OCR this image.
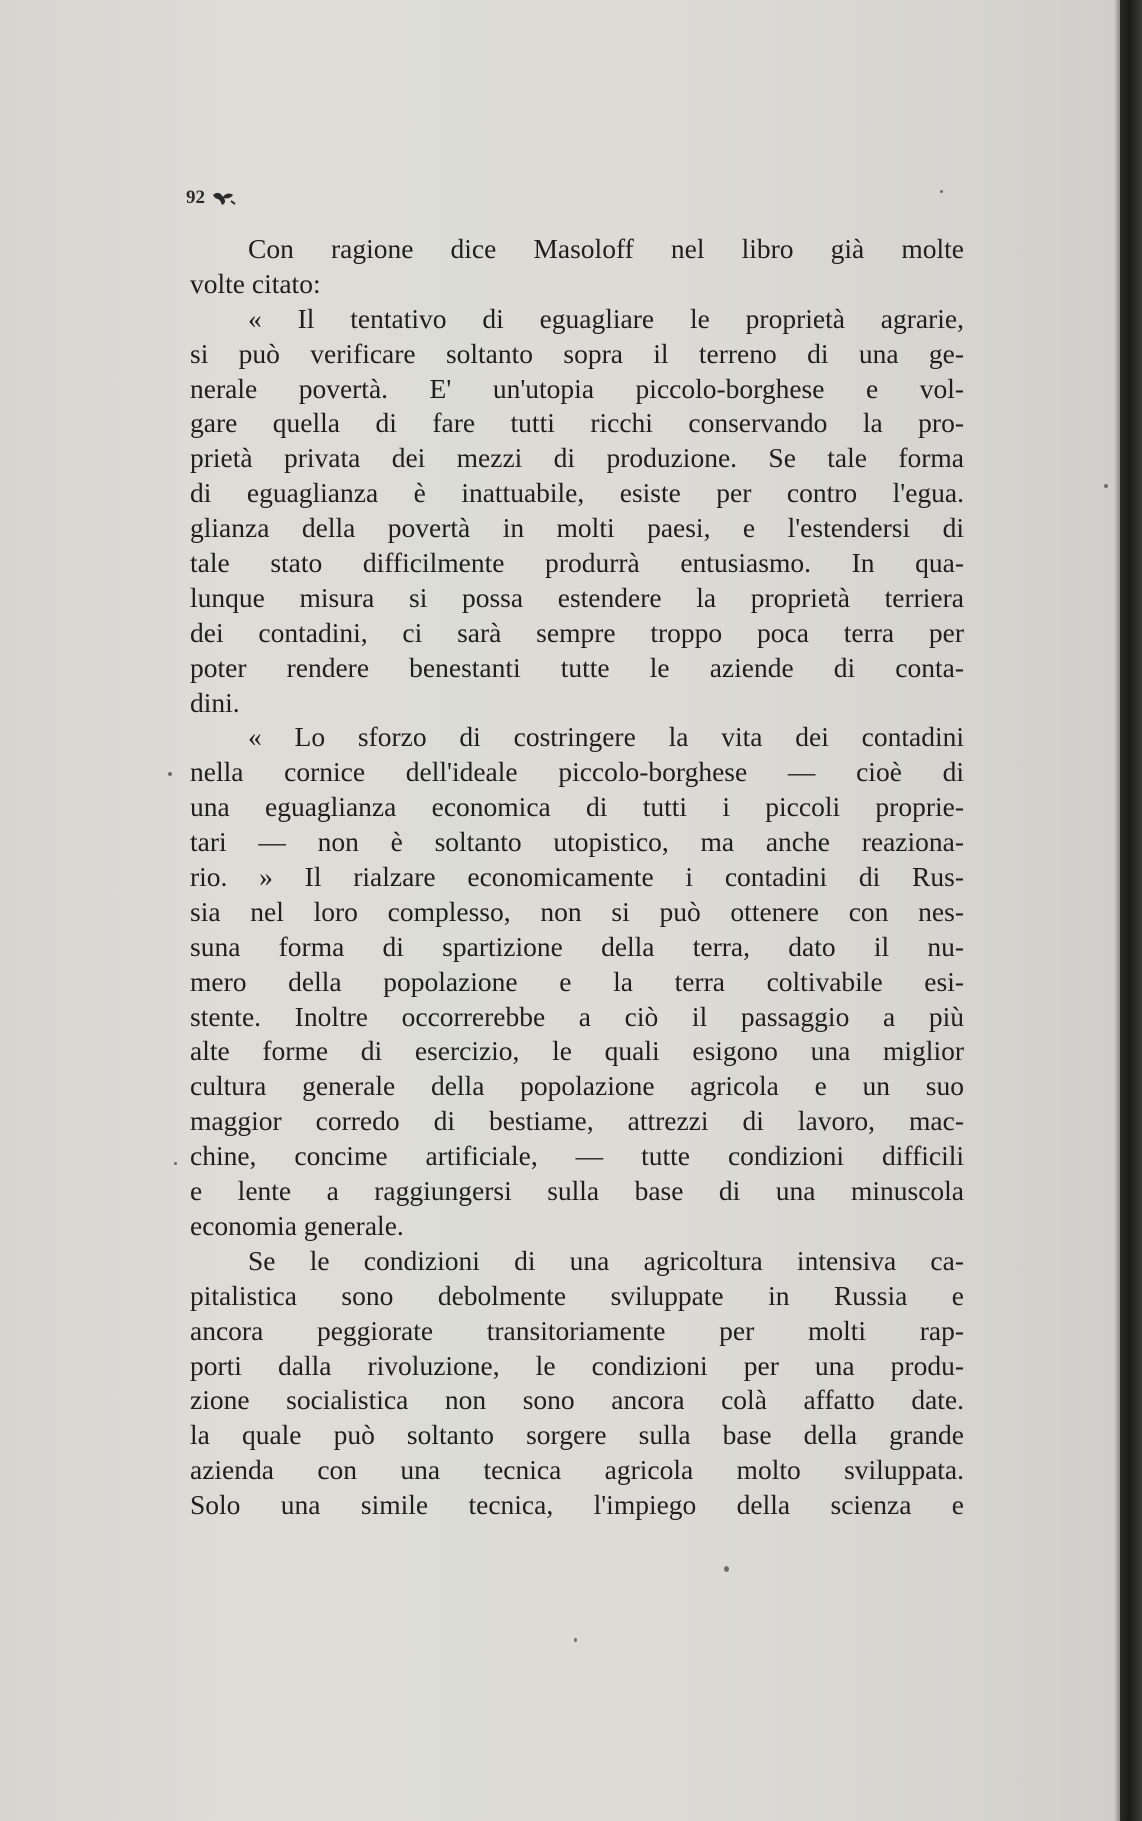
92
Con ragione dice Masoloff nel libro già molte
volte citato:
« Il tentativo di eguagliare le proprietà agrarie,
si può verificare soltanto sopra il terreno di una ge-
nerale povertà. E' un'utopia piccolo-borghese e vol-
gare quella di fare tutti ricchi conservando la pro-
prietà privata dei mezzi di produzione. Se tale forma
di eguaglianza è inattuabile, esiste per contro l'egua.
glianza della povertà in molti paesi, e l'estendersi di
tale stato difficilmente produrrà entusiasmo. In qua-
lunque misura si possa estendere la proprietà terriera
dei contadini, ci sarà sempre troppo poca terra per
poter rendere benestanti tutte le aziende di conta-
dini.
« Lo sforzo di costringere la vita dei contadini
nella cornice dell'ideale piccolo-borghese — cioè di
una eguaglianza economica di tutti i piccoli proprie-
tari — non è soltanto utopistico, ma anche reaziona-
rio. » Il rialzare economicamente i contadini di Rus-
sia nel loro complesso, non si può ottenere con nes-
suna forma di spartizione della terra, dato il nu-
mero della popolazione e la terra coltivabile esi-
stente. Inoltre occorrerebbe a ciò il passaggio a più
alte forme di esercizio, le quali esigono una miglior
cultura generale della popolazione agricola e un suo
maggior corredo di bestiame, attrezzi di lavoro, mac-
chine, concime artificiale, — tutte condizioni difficili
e lente a raggiungersi sulla base di una minuscola
economia generale.
Se le condizioni di una agricoltura intensiva ca-
pitalistica sono debolmente sviluppate in Russia e
ancora peggiorate transitoriamente per molti rap-
porti dalla rivoluzione, le condizioni per una produ-
zione socialistica non sono ancora colà affatto date.
la quale può soltanto sorgere sulla base della grande
azienda con una tecnica agricola molto sviluppata.
Solo una simile tecnica, l'impiego della scienza e
